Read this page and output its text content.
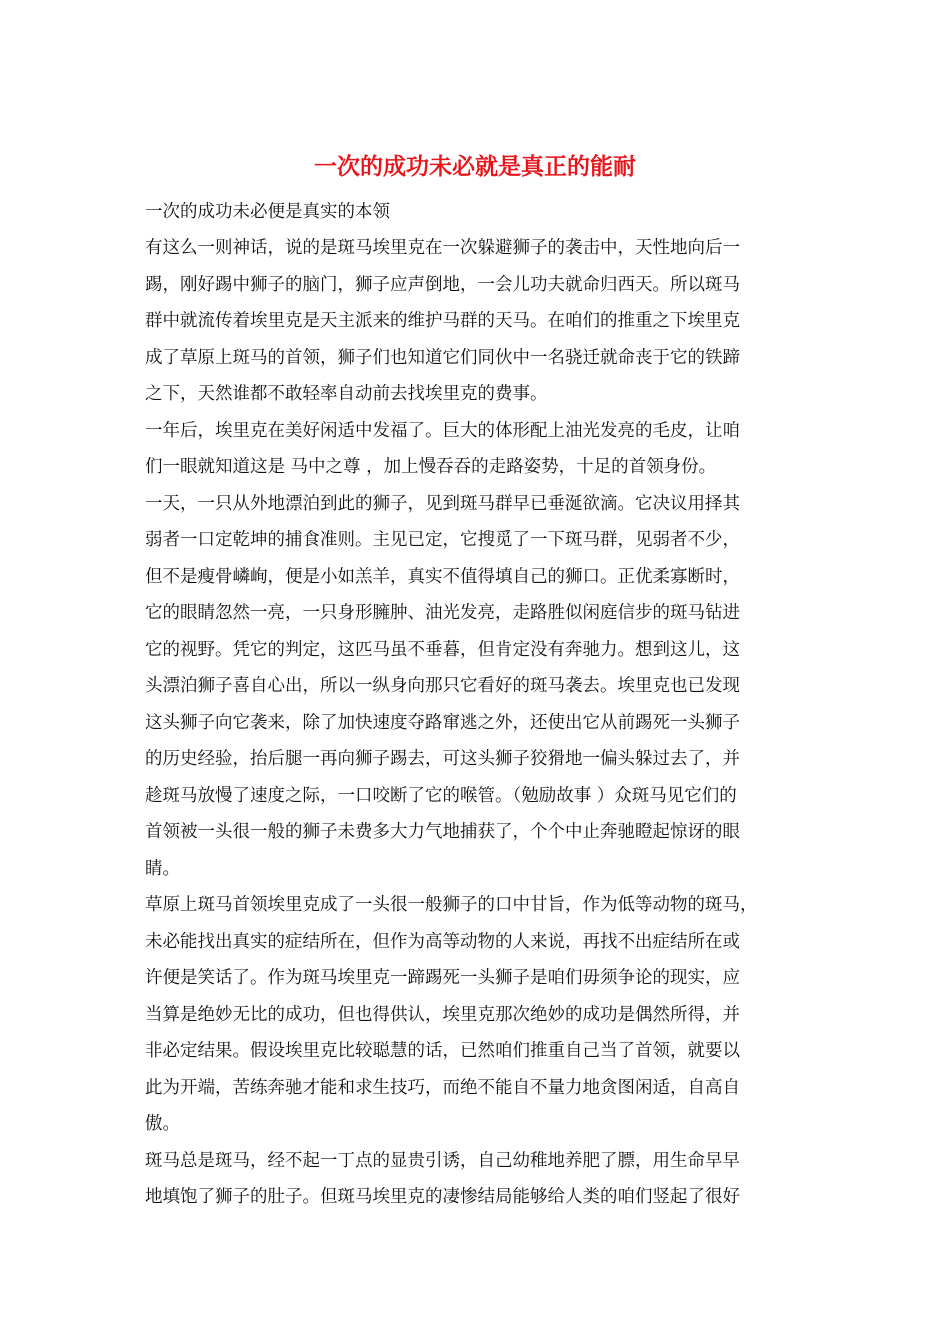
一次的成功未必就是真正的能耐

一次的成功未必便是真实的本领

有这么一则神话，说的是斑马埃里克在一次躲避狮子的袭击中，天性地向后一

踢，刚好踢中狮子的脑门，狮子应声倒地，一会儿功夫就命归西天。所以斑马

群中就流传着埃里克是天主派来的维护马群的天马。在咱们的推重之下埃里克

成了草原上斑马的首领，狮子们也知道它们同伙中一名骁迁就命丧于它的铁蹄

之下，天然谁都不敢轻率自动前去找埃里克的费事。

一年后，埃里克在美好闲适中发福了。巨大的体形配上油光发亮的毛皮，让咱

们一眼就知道这是 马中之尊 ，加上慢吞吞的走路姿势，十足的首领身份。

一天，一只从外地漂泊到此的狮子，见到斑马群早已垂涎欲滴。它决议用择其

弱者一口定乾坤的捕食准则。主见已定，它搜觅了一下斑马群，见弱者不少，

但不是瘦骨嶙峋，便是小如羔羊，真实不值得填自己的狮口。正优柔寡断时，

它的眼睛忽然一亮，一只身形臃肿、油光发亮，走路胜似闲庭信步的斑马钻进

它的视野。凭它的判定，这匹马虽不垂暮，但肯定没有奔驰力。想到这儿，这

头漂泊狮子喜自心出，所以一纵身向那只它看好的斑马袭去。埃里克也已发现

这头狮子向它袭来，除了加快速度夺路窜逃之外，还使出它从前踢死一头狮子

的历史经验，抬后腿一再向狮子踢去，可这头狮子狡猾地一偏头躲过去了，并

趁斑马放慢了速度之际，一口咬断了它的喉管。（勉励故事 ）众斑马见它们的

首领被一头很一般的狮子未费多大力气地捕获了，个个中止奔驰瞪起惊讶的眼

睛。

草原上斑马首领埃里克成了一头很一般狮子的口中甘旨，作为低等动物的斑马，

未必能找出真实的症结所在，但作为高等动物的人来说，再找不出症结所在或

许便是笑话了。作为斑马埃里克一蹄踢死一头狮子是咱们毋须争论的现实，应

当算是绝妙无比的成功，但也得供认，埃里克那次绝妙的成功是偶然所得，并

非必定结果。假设埃里克比较聪慧的话，已然咱们推重自己当了首领，就要以

此为开端，苦练奔驰才能和求生技巧，而绝不能自不量力地贪图闲适，自高自

傲。

斑马总是斑马，经不起一丁点的显贵引诱，自己幼稚地养肥了膘，用生命早早

地填饱了狮子的肚子。但斑马埃里克的凄惨结局能够给人类的咱们竖起了很好
